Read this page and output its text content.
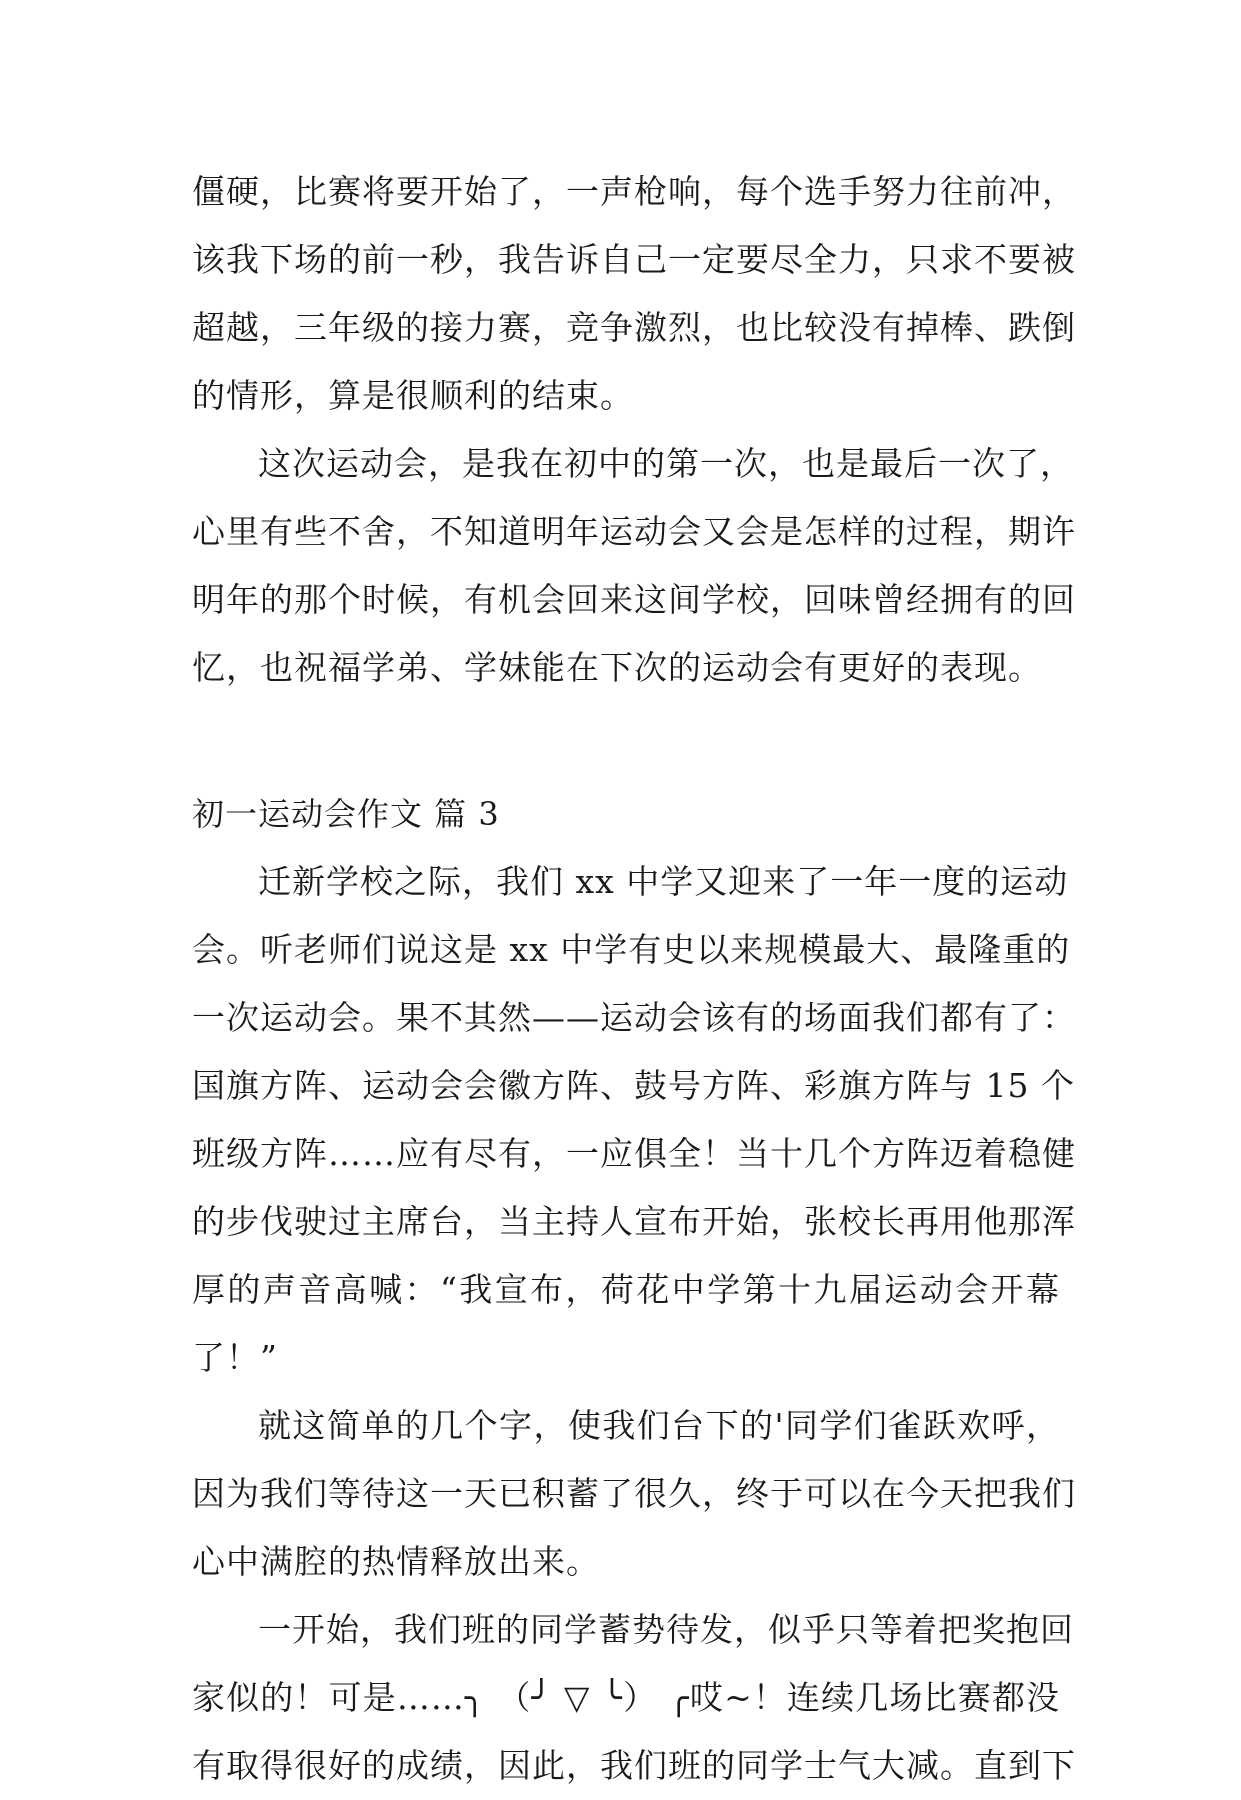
僵硬，比赛将要开始了，一声枪响，每个选手努力往前冲，
该我下场的前一秒，我告诉自己一定要尽全力，只求不要被
超越，三年级的接力赛，竞争激烈，也比较没有掉棒、跌倒
的情形，算是很顺利的结束。
这次运动会，是我在初中的第一次，也是最后一次了，
心里有些不舍，不知道明年运动会又会是怎样的过程，期许
明年的那个时候，有机会回来这间学校，回味曾经拥有的回
忆，也祝福学弟、学妹能在下次的运动会有更好的表现。
初一运动会作文 篇 3
迁新学校之际，我们 xx 中学又迎来了一年一度的运动
会。听老师们说这是 xx 中学有史以来规模最大、最隆重的
一次运动会。果不其然——运动会该有的场面我们都有了：
国旗方阵、运动会会徽方阵、鼓号方阵、彩旗方阵与 15 个
班级方阵……应有尽有，一应俱全！当十几个方阵迈着稳健
的步伐驶过主席台，当主持人宣布开始，张校长再用他那浑
厚的声音高喊：“我宣布，荷花中学第十九届运动会开幕
了！”
就这简单的几个字，使我们台下的'同学们雀跃欢呼，
因为我们等待这一天已积蓄了很久，终于可以在今天把我们
心中满腔的热情释放出来。
一开始，我们班的同学蓄势待发，似乎只等着把奖抱回
家似的！可是……╮ （╯ ▽ ╰） ╭哎~！连续几场比赛都没
有取得很好的成绩，因此，我们班的同学士气大减。直到下
